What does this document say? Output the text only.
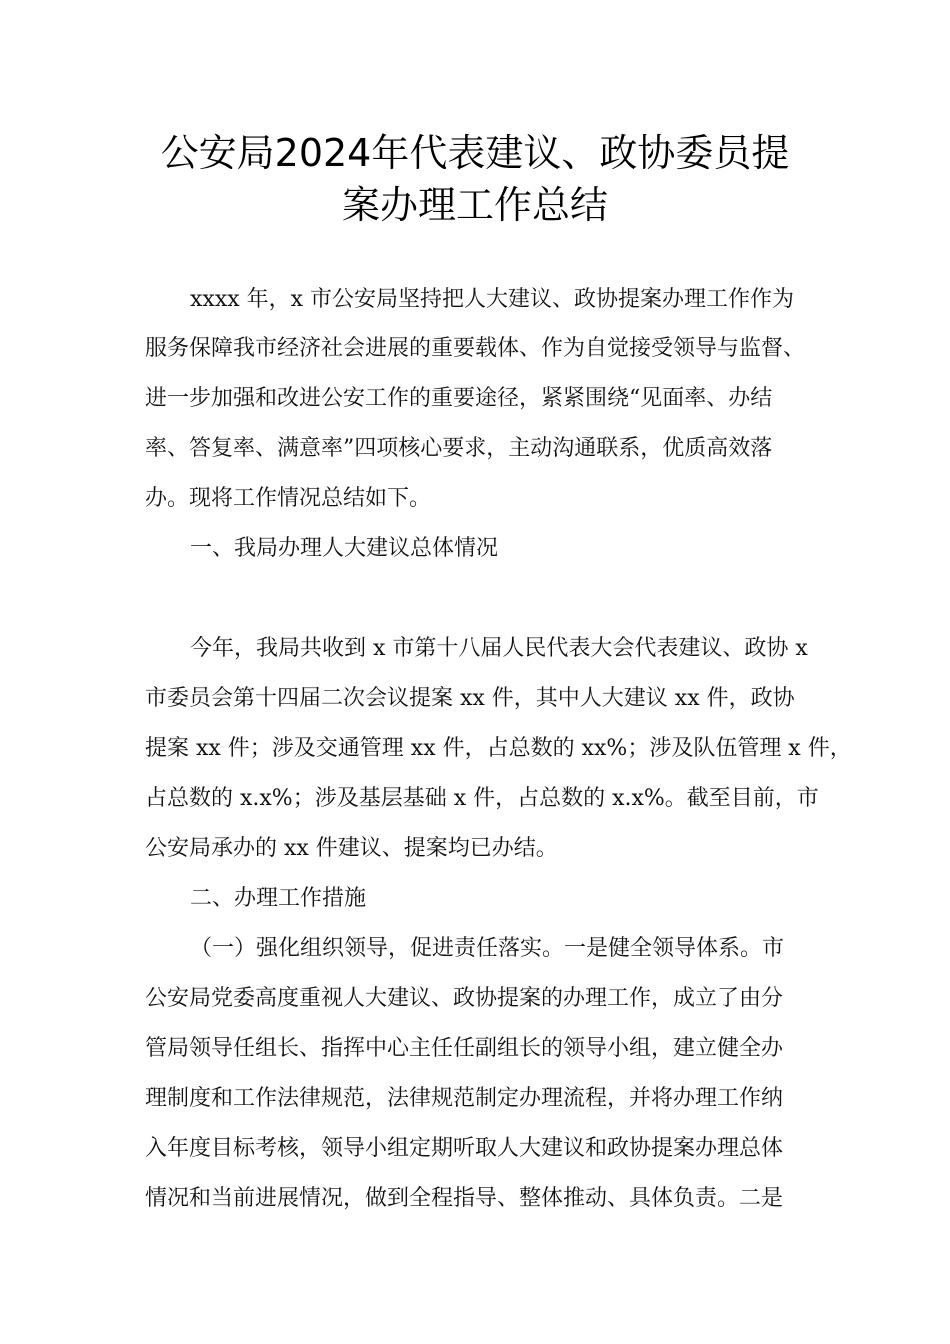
公安局2024年代表建议、政协委员提
案办理工作总结
xxxx 年，x 市公安局坚持把人大建议、政协提案办理工作作为
服务保障我市经济社会进展的重要载体、作为自觉接受领导与监督、
进一步加强和改进公安工作的重要途径，紧紧围绕“见面率、办结
率、答复率、满意率”四项核心要求，主动沟通联系，优质高效落
办。现将工作情况总结如下。
一、我局办理人大建议总体情况
今年，我局共收到 x 市第十八届人民代表大会代表建议、政协 x
市委员会第十四届二次会议提案 xx 件，其中人大建议 xx 件，政协
提案 xx 件；涉及交通管理 xx 件，占总数的 xx%；涉及队伍管理 x 件，
占总数的 x.x%；涉及基层基础 x 件，占总数的 x.x%。截至目前，市
公安局承办的 xx 件建议、提案均已办结。
二、办理工作措施
（一）强化组织领导，促进责任落实。一是健全领导体系。市
公安局党委高度重视人大建议、政协提案的办理工作，成立了由分
管局领导任组长、指挥中心主任任副组长的领导小组，建立健全办
理制度和工作法律规范，法律规范制定办理流程，并将办理工作纳
入年度目标考核，领导小组定期听取人大建议和政协提案办理总体
情况和当前进展情况，做到全程指导、整体推动、具体负责。二是
